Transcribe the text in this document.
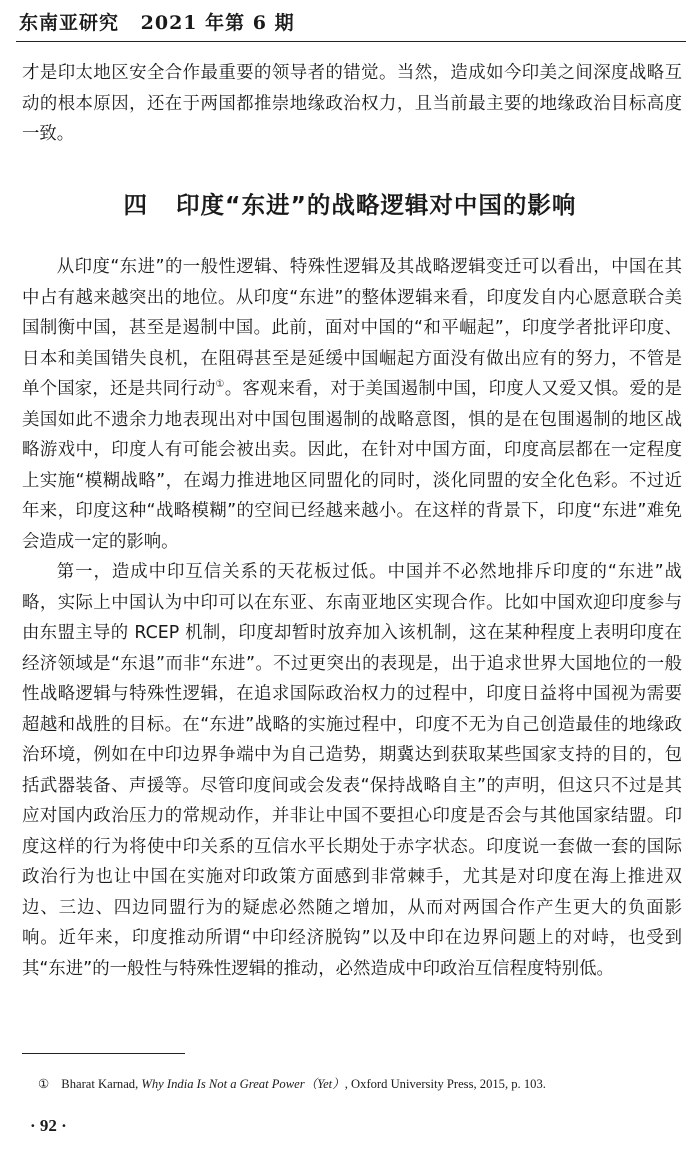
东南亚研究 2021 年第 6 期

才是印太地区安全合作最重要的领导者的错觉。当然，造成如今印美之间深度战略互动的根本原因，还在于两国都推崇地缘政治权力，且当前最主要的地缘政治目标高度一致。

四 印度“东进”的战略逻辑对中国的影响

从印度“东进”的一般性逻辑、特殊性逻辑及其战略逻辑变迁可以看出，中国在其中占有越来越突出的地位。从印度“东进”的整体逻辑来看，印度发自内心愿意联合美国制衡中国，甚至是遏制中国。此前，面对中国的“和平崛起”，印度学者批评印度、日本和美国错失良机，在阻碍甚至是延缓中国崛起方面没有做出应有的努力，不管是单个国家，还是共同行动①。客观来看，对于美国遏制中国，印度人又爱又惧。爱的是美国如此不遗余力地表现出对中国包围遏制的战略意图，惧的是在包围遏制的地区战略游戏中，印度人有可能会被出卖。因此，在针对中国方面，印度高层都在一定程度上实施“模糊战略”，在竭力推进地区同盟化的同时，淡化同盟的安全化色彩。不过近年来，印度这种“战略模糊”的空间已经越来越小。在这样的背景下，印度“东进”难免会造成一定的影响。

第一，造成中印互信关系的天花板过低。中国并不必然地排斥印度的“东进”战略，实际上中国认为中印可以在东亚、东南亚地区实现合作。比如中国欢迎印度参与由东盟主导的 RCEP 机制，印度却暂时放弃加入该机制，这在某种程度上表明印度在经济领域是“东退”而非“东进”。不过更突出的表现是，出于追求世界大国地位的一般性战略逻辑与特殊性逻辑，在追求国际政治权力的过程中，印度日益将中国视为需要超越和战胜的目标。在“东进”战略的实施过程中，印度不无为自己创造最佳的地缘政治环境，例如在中印边界争端中为自己造势，期冀达到获取某些国家支持的目的，包括武器装备、声援等。尽管印度间或会发表“保持战略自主”的声明，但这只不过是其应对国内政治压力的常规动作，并非让中国不要担心印度是否会与其他国家结盟。印度这样的行为将使中印关系的互信水平长期处于赤字状态。印度说一套做一套的国际政治行为也让中国在实施对印政策方面感到非常棘手，尤其是对印度在海上推进双边、三边、四边同盟行为的疑虑必然随之增加，从而对两国合作产生更大的负面影响。近年来，印度推动所谓“中印经济脱钩”以及中印在边界问题上的对峙，也受到其“东进”的一般性与特殊性逻辑的推动，必然造成中印政治互信程度特别低。

① Bharat Karnad, Why India Is Not a Great Power（Yet）, Oxford University Press, 2015, p. 103.
· 92 ·
